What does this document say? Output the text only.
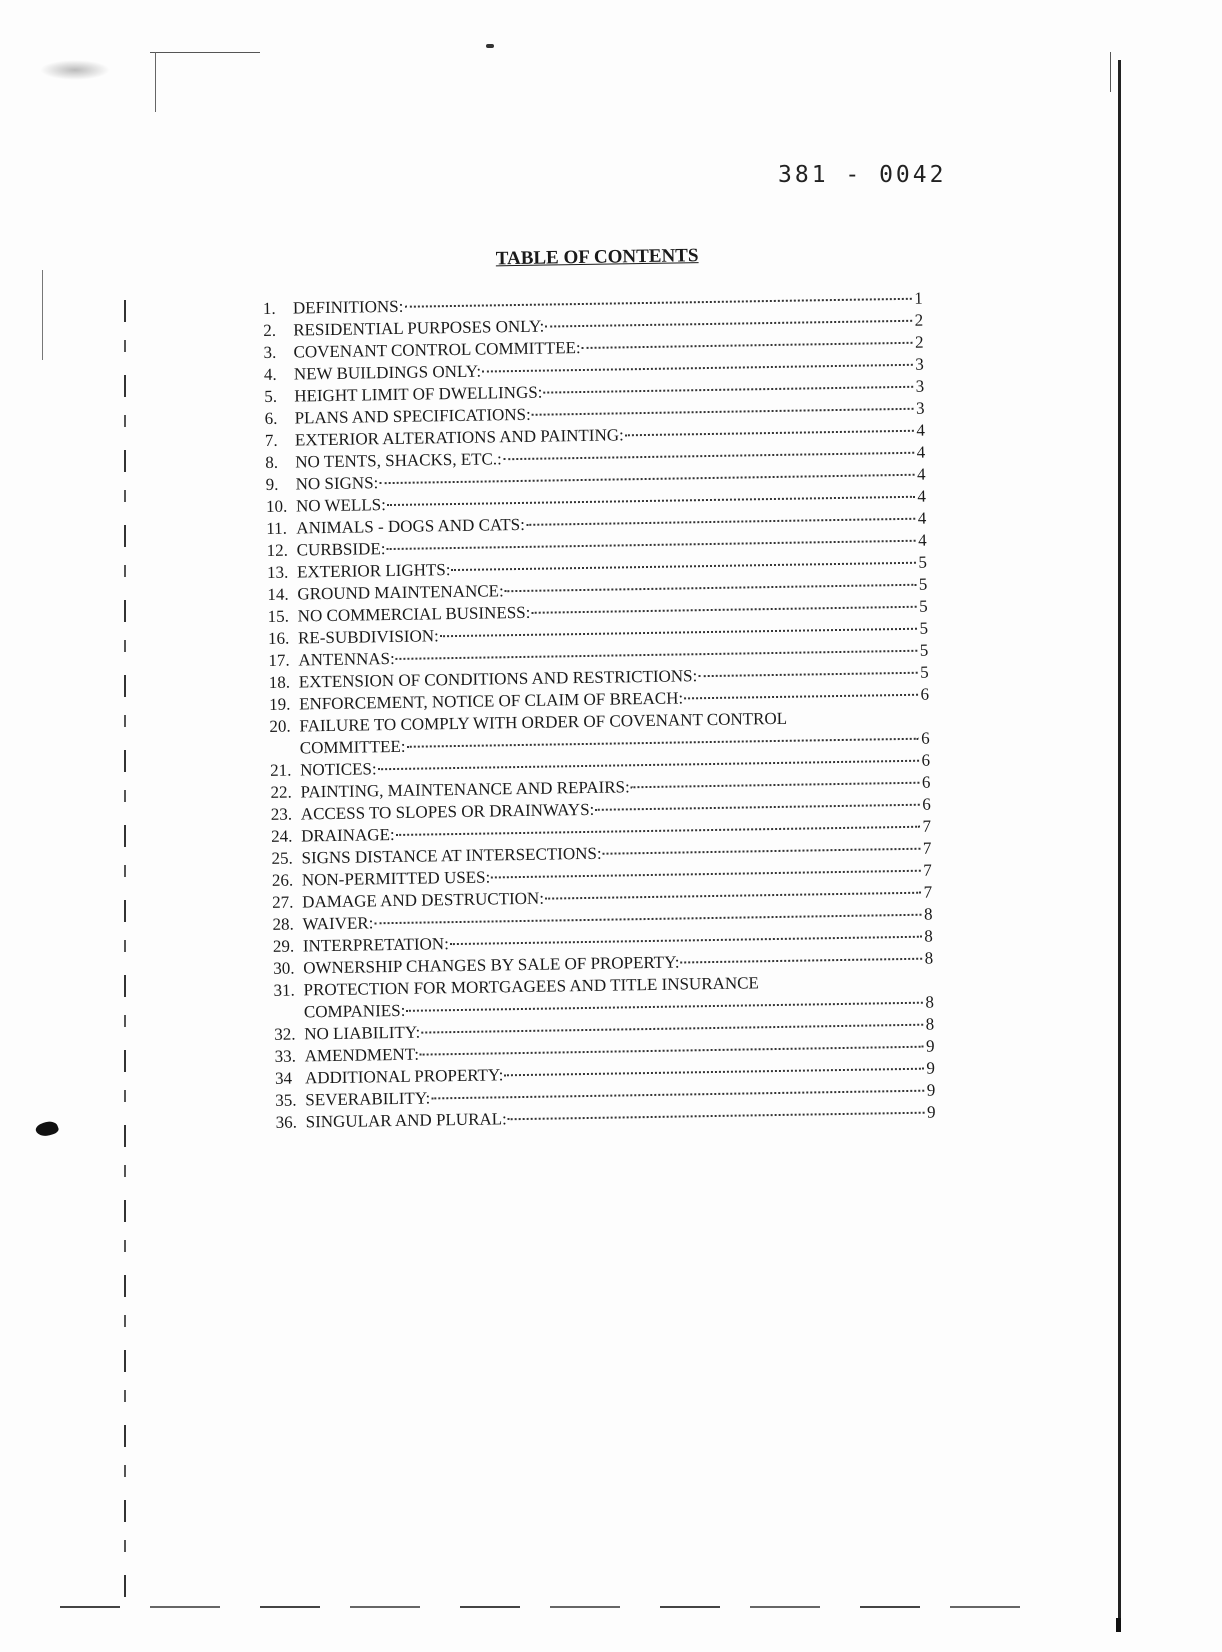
381 - 0042
TABLE OF CONTENTS
1. DEFINITIONS:	1
2. RESIDENTIAL PURPOSES ONLY:	2
3. COVENANT CONTROL COMMITTEE:	2
4. NEW BUILDINGS ONLY:	3
5. HEIGHT LIMIT OF DWELLINGS:	3
6. PLANS AND SPECIFICATIONS:	3
7. EXTERIOR ALTERATIONS AND PAINTING:	4
8. NO TENTS, SHACKS, ETC.:	4
9. NO SIGNS:	4
10. NO WELLS:	4
11. ANIMALS - DOGS AND CATS:	4
12. CURBSIDE:	4
13. EXTERIOR LIGHTS:	5
14. GROUND MAINTENANCE:	5
15. NO COMMERCIAL BUSINESS:	5
16. RE-SUBDIVISION:	5
17. ANTENNAS:	5
18. EXTENSION OF CONDITIONS AND RESTRICTIONS:	5
19. ENFORCEMENT, NOTICE OF CLAIM OF BREACH:	6
20. FAILURE TO COMPLY WITH ORDER OF COVENANT CONTROL
COMMITTEE:	6
21. NOTICES:	6
22. PAINTING, MAINTENANCE AND REPAIRS:	6
23. ACCESS TO SLOPES OR DRAINWAYS:	6
24. DRAINAGE:	7
25. SIGNS DISTANCE AT INTERSECTIONS:	7
26. NON-PERMITTED USES:	7
27. DAMAGE AND DESTRUCTION:	7
28. WAIVER:	8
29. INTERPRETATION:	8
30. OWNERSHIP CHANGES BY SALE OF PROPERTY:	8
31. PROTECTION FOR MORTGAGEES AND TITLE INSURANCE
COMPANIES:	8
32. NO LIABILITY:	8
33. AMENDMENT:	9
34 ADDITIONAL PROPERTY:	9
35. SEVERABILITY:	9
36. SINGULAR AND PLURAL:	9
